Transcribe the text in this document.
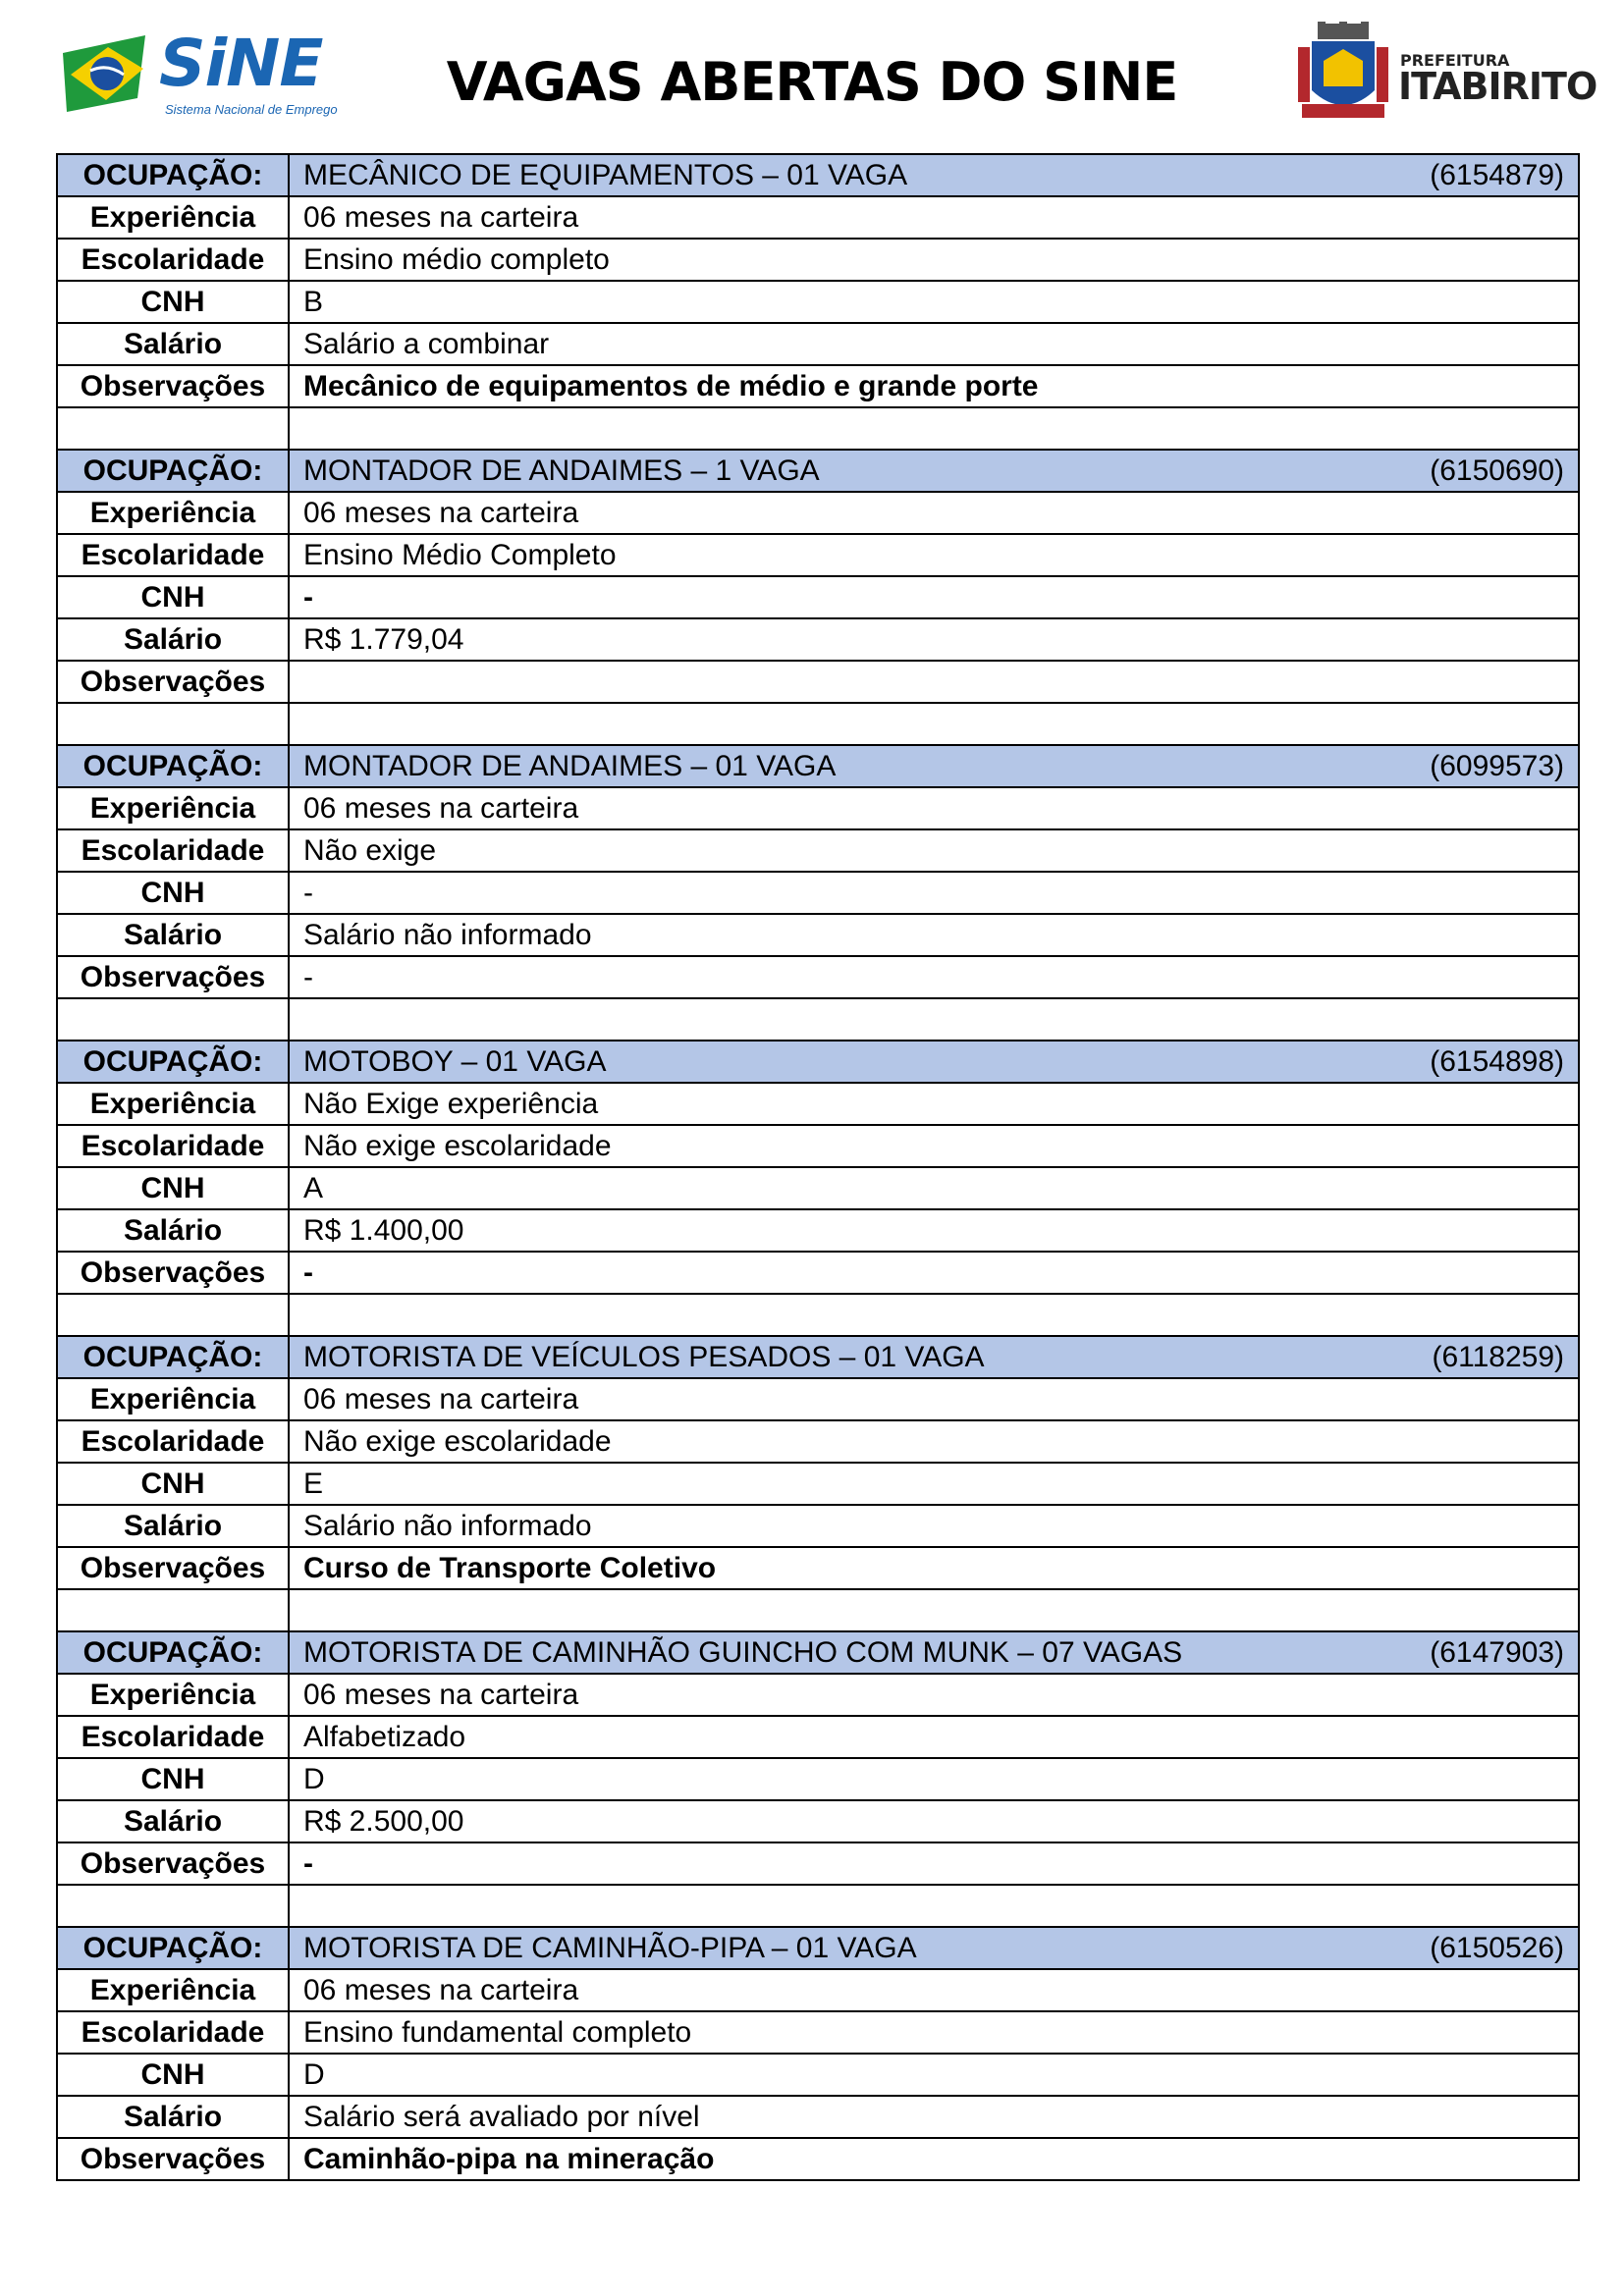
SiNE
Sistema Nacional de Emprego	VAGAS ABERTAS DO SINE	PREFEITURA
ITABIRITO
OCUPAÇÃO:	MECÂNICO DE EQUIPAMENTOS – 01 VAGA (6154879)

Experiência	06 meses na carteira
Escolaridade	Ensino médio completo
CNH	B
Salário	Salário a combinar
Observações	Mecânico de equipamentos de médio e grande porte

OCUPAÇÃO:	MONTADOR DE ANDAIMES – 1 VAGA (6150690)

Experiência	06 meses na carteira
Escolaridade	Ensino Médio Completo
CNH	-
Salário	R$ 1.779,04
Observações	

OCUPAÇÃO:	MONTADOR DE ANDAIMES – 01 VAGA (6099573)

Experiência	06 meses na carteira
Escolaridade	Não exige
CNH	-
Salário	Salário não informado
Observações	-

OCUPAÇÃO:	MOTOBOY – 01 VAGA (6154898)

Experiência	Não Exige experiência
Escolaridade	Não exige escolaridade
CNH	A
Salário	R$ 1.400,00
Observações	-

OCUPAÇÃO:	MOTORISTA DE VEÍCULOS PESADOS – 01 VAGA (6118259)

Experiência	06 meses na carteira
Escolaridade	Não exige escolaridade
CNH	E
Salário	Salário não informado
Observações	Curso de Transporte Coletivo

OCUPAÇÃO:	MOTORISTA DE CAMINHÃO GUINCHO COM MUNK – 07 VAGAS (6147903)

Experiência	06 meses na carteira
Escolaridade	Alfabetizado
CNH	D
Salário	R$ 2.500,00
Observações	-

OCUPAÇÃO:	MOTORISTA DE CAMINHÃO-PIPA – 01 VAGA (6150526)

Experiência	06 meses na carteira
Escolaridade	Ensino fundamental completo
CNH	D
Salário	Salário será avaliado por nível
Observações	Caminhão-pipa na mineração
